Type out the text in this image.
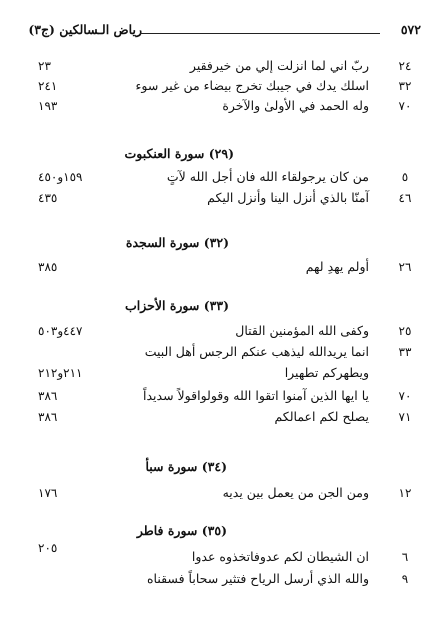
رياض الـسالكين (ج٣)	٥٧٢
٢٤
ربّ اني لما انزلت إلي من خيرفقير
٢٣
٣٢
اسلك يدك في جيبك تخرج بيضاء من غير سوء
٢٤١
٧٠
وله الحمد في الأولىٰ والآخرة
١٩٣
(٢٩) سورة العنكبوت
٥
من كان يرجولقاء الله فان أجل الله لآتٍ
١٥٩و٤٥٠
٤٦
آمنّا بالذي أنزل الينا وأنزل اليكم
٤٣٥
(٣٢) سورة السجدة
٢٦
أولم يهدِ لهم
٣٨٥
(٣٣) سورة الأحزاب
٢٥
وكفى الله المؤمنين القتال
٤٤٧و٥٠٣
٣٣
انما يريدالله ليذهب عنكم الرجس أهل البيت
ويطهركم تطهيرا
٢١١و٢١٢
٧٠
يا ايها الذين آمنوا اتقوا الله وقولواقولاً سديداً
٣٨٦
٧١
يصلح لكم اعمالكم
٣٨٦
(٣٤) سورة سبأ
١٢
ومن الجن من يعمل بين يديه
١٧٦
(٣٥) سورة فاطر
٦
ان الشيطان لكم عدوفاتخذوه عدوا
٢٠٥
٩
والله الذي أرسل الرياح فتثير سحاباً فسقناه
